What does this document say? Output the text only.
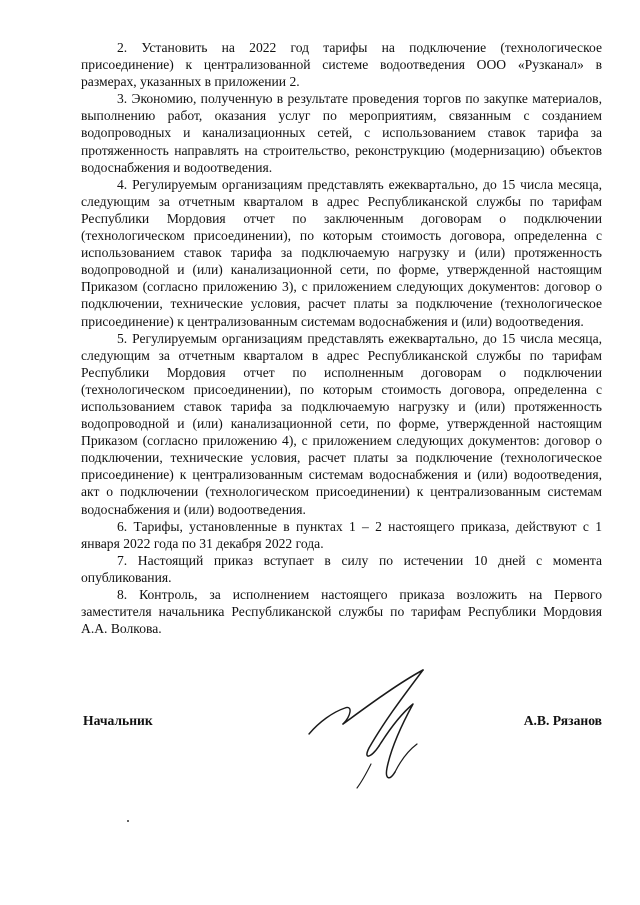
2. Установить на 2022 год тарифы на подключение (технологическое присоединение) к централизованной системе водоотведения ООО «Рузканал» в размерах, указанных в приложении 2.

3. Экономию, полученную в результате проведения торгов по закупке материалов, выполнению работ, оказания услуг по мероприятиям, связанным с созданием водопроводных и канализационных сетей, с использованием ставок тарифа за протяженность направлять на строительство, реконструкцию (модернизацию) объектов водоснабжения и водоотведения.

4. Регулируемым организациям представлять ежеквартально, до 15 числа месяца, следующим за отчетным кварталом в адрес Республиканской службы по тарифам Республики Мордовия отчет по заключенным договорам о подключении (технологическом присоединении), по которым стоимость договора, определенна с использованием ставок тарифа за подключаемую нагрузку и (или) протяженность водопроводной и (или) канализационной сети, по форме, утвержденной настоящим Приказом (согласно приложению 3), с приложением следующих документов: договор о подключении, технические условия, расчет платы за подключение (технологическое присоединение) к централизованным системам водоснабжения и (или) водоотведения.

5. Регулируемым организациям представлять ежеквартально, до 15 числа месяца, следующим за отчетным кварталом в адрес Республиканской службы по тарифам Республики Мордовия отчет по исполненным договорам о подключении (технологическом присоединении), по которым стоимость договора, определенна с использованием ставок тарифа за подключаемую нагрузку и (или) протяженность водопроводной и (или) канализационной сети, по форме, утвержденной настоящим Приказом (согласно приложению 4), с приложением следующих документов: договор о подключении, технические условия, расчет платы за подключение (технологическое присоединение) к централизованным системам водоснабжения и (или) водоотведения, акт о подключении (технологическом присоединении) к централизованным системам водоснабжения и (или) водоотведения.

6. Тарифы, установленные в пунктах 1 – 2 настоящего приказа, действуют с 1 января 2022 года по 31 декабря 2022 года.

7. Настоящий приказ вступает в силу по истечении 10 дней с момента опубликования.

8. Контроль, за исполнением настоящего приказа возложить на Первого заместителя начальника Республиканской службы по тарифам Республики Мордовия А.А. Волкова.

Начальник	А.В. Рязанов
